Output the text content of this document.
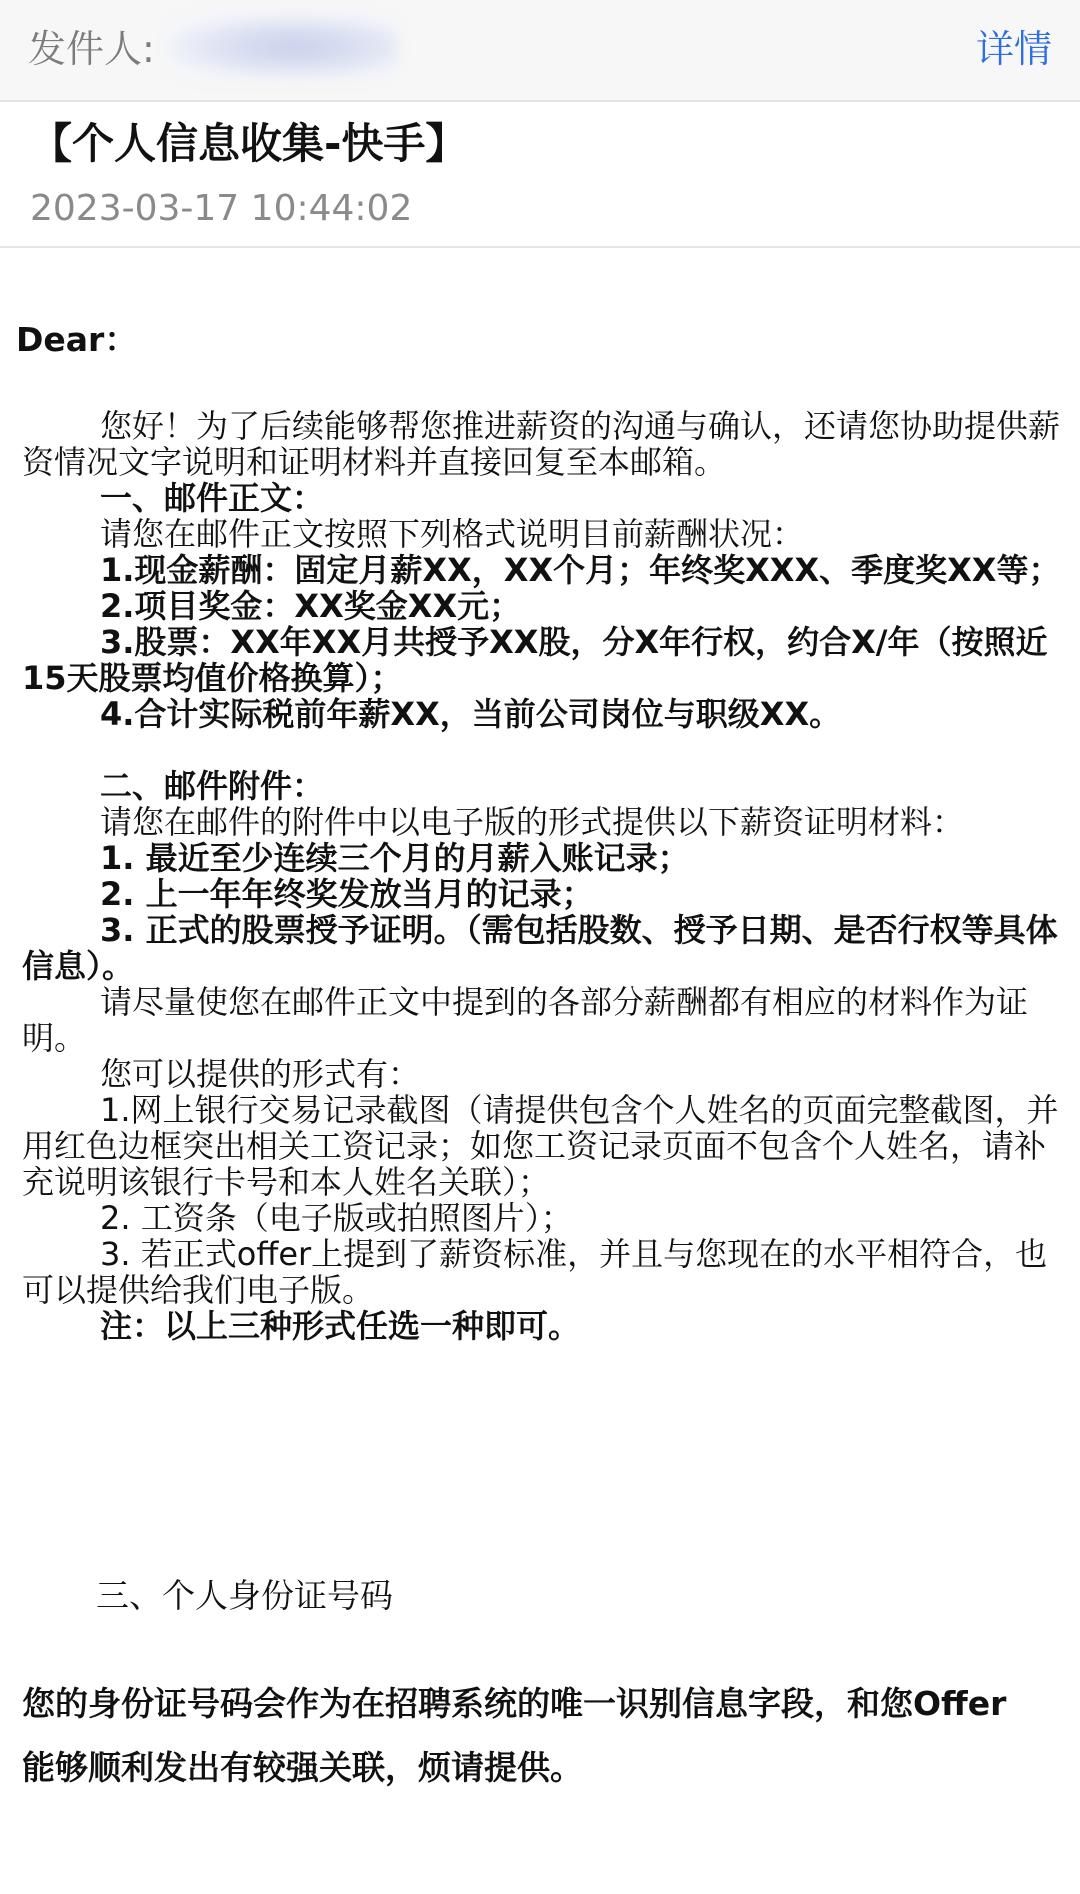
发件人:	详情
【个人信息收集-快手】
2023-03-17 10:44:02
Dear：

您好！为了后续能够帮您推进薪资的沟通与确认，还请您协助提供薪资情况文字说明和证明材料并直接回复至本邮箱。

一、邮件正文：

请您在邮件正文按照下列格式说明目前薪酬状况：

1.现金薪酬：固定月薪XX，XX个月；年终奖XXX、季度奖XX等；

2.项目奖金：XX奖金XX元；

3.股票：XX年XX月共授予XX股，分X年行权，约合X/年（按照近15天股票均值价格换算）；

4.合计实际税前年薪XX，当前公司岗位与职级XX。

二、邮件附件：

请您在邮件的附件中以电子版的形式提供以下薪资证明材料：

1. 最近至少连续三个月的月薪入账记录；

2. 上一年年终奖发放当月的记录；

3. 正式的股票授予证明。（需包括股数、授予日期、是否行权等具体信息）。

请尽量使您在邮件正文中提到的各部分薪酬都有相应的材料作为证明。

您可以提供的形式有：

1.网上银行交易记录截图（请提供包含个人姓名的页面完整截图，并用红色边框突出相关工资记录；如您工资记录页面不包含个人姓名，请补充说明该银行卡号和本人姓名关联）；

2. 工资条（电子版或拍照图片）；

3. 若正式offer上提到了薪资标准，并且与您现在的水平相符合，也可以提供给我们电子版。

注：以上三种形式任选一种即可。

三、个人身份证号码
您的身份证号码会作为在招聘系统的唯一识别信息字段，和您Offer能够顺利发出有较强关联，烦请提供。
